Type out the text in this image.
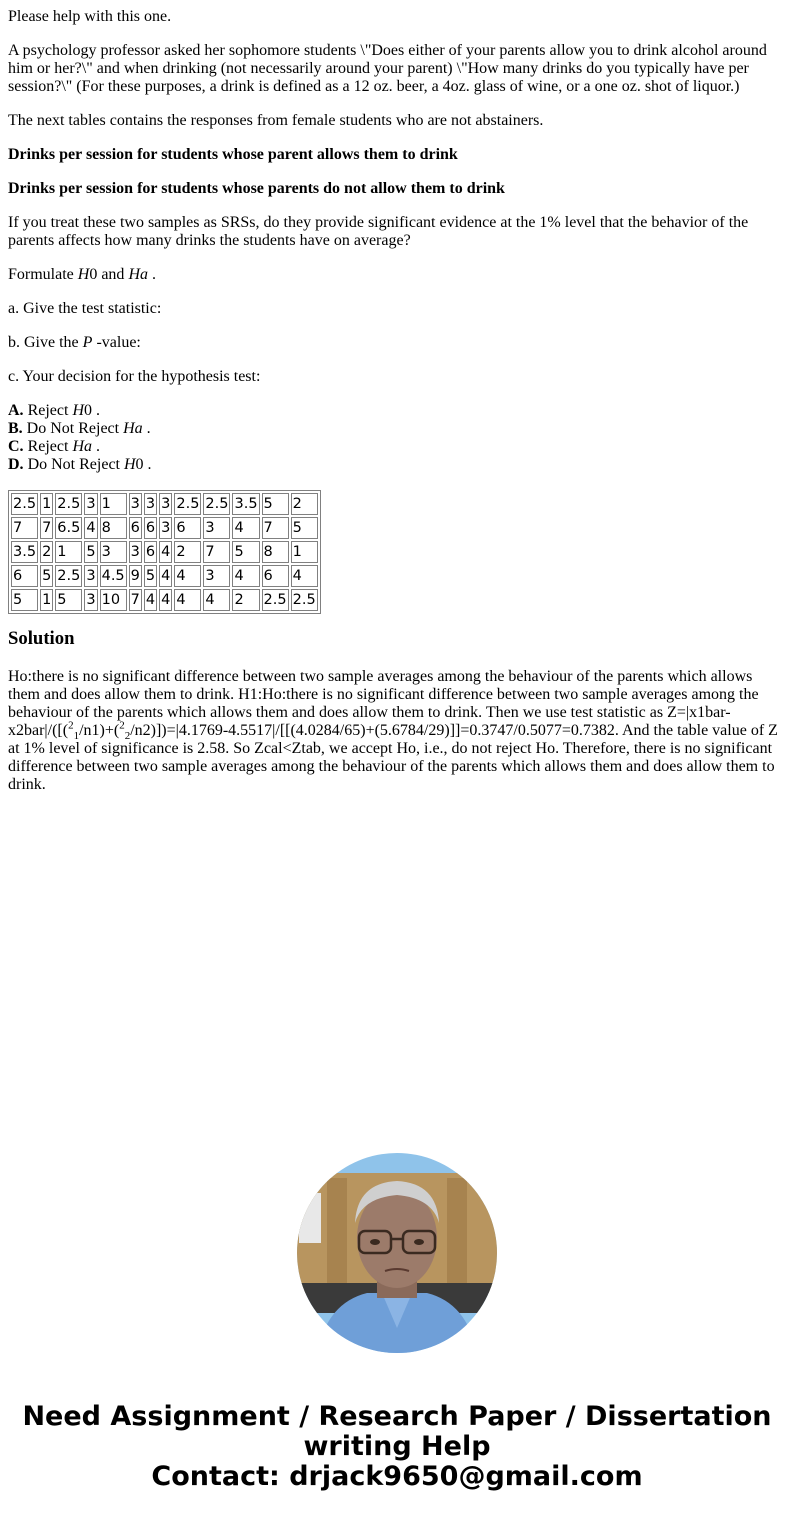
Please help with this one.

A psychology professor asked her sophomore students \"Does either of your parents allow you to drink alcohol around him or her?\" and when drinking (not necessarily around your parent) \"How many drinks do you typically have per session?\" (For these purposes, a drink is defined as a 12 oz. beer, a 4oz. glass of wine, or a one oz. shot of liquor.)

The next tables contains the responses from female students who are not abstainers.

Drinks per session for students whose parent allows them to drink

Drinks per session for students whose parents do not allow them to drink

If you treat these two samples as SRSs, do they provide significant evidence at the 1% level that the behavior of the parents affects how many drinks the students have on average?

Formulate H0 and Ha .

a. Give the test statistic:

b. Give the P -value:

c. Your decision for the hypothesis test:

A. Reject H0 .
B. Do Not Reject Ha .
C. Reject Ha .
D. Do Not Reject H0 .
2.5	1	2.5	3	1	3	3	3	2.5	2.5	3.5	5	2
7	7	6.5	4	8	6	6	3	6	3	4	7	5
3.5	2	1	5	3	3	6	4	2	7	5	8	1
6	5	2.5	3	4.5	9	5	4	4	3	4	6	4
5	1	5	3	10	7	4	4	4	4	2	2.5	2.5
Solution

Ho:there is no significant difference between two sample averages among the behaviour of the parents which allows them and does allow them to drink. H1:Ho:there is no significant difference between two sample averages among the behaviour of the parents which allows them and does allow them to drink. Then we use test statistic as Z=|x1bar-x2bar|/([($^2_1$/n1)+($^2_2$/n2)])=|4.1769-4.5517|/[[(4.0284/65)+(5.6784/29)]]=0.3747/0.5077=0.7382. And the table value of Z at 1% level of significance is 2.58. So Zcal<Ztab, we accept Ho, i.e., do not reject Ho. Therefore, there is no significant difference between two sample averages among the behaviour of the parents which allows them and does allow them to drink.

Need Assignment / Research Paper / Dissertation
writing Help
Contact: drjack9650@gmail.com
